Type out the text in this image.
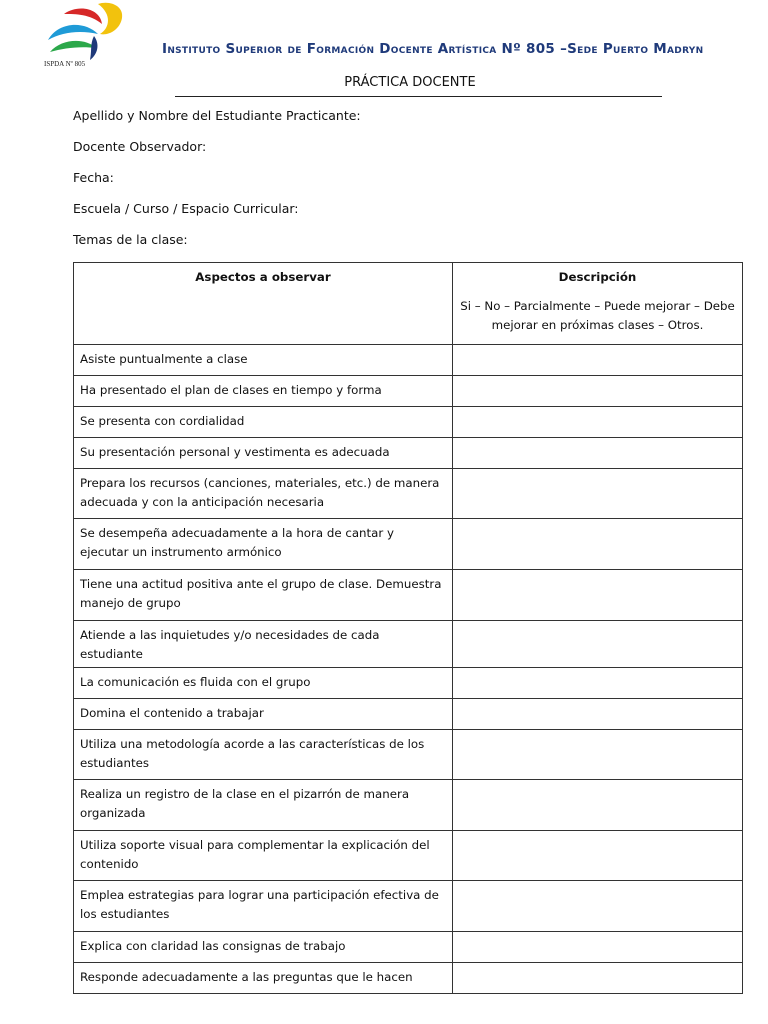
ISPDA Nº 805
Instituto Superior de Formación Docente Artística Nº 805 –Sede Puerto Madryn
PRÁCTICA DOCENTE
Apellido y Nombre del Estudiante Practicante:
Docente Observador:
Fecha:
Escuela / Curso / Espacio Curricular:
Temas de la clase:
Aspectos a observar	Descripción
Si – No – Parcialmente – Puede mejorar – Debe mejorar en próximas clases – Otros.

Asiste puntualmente a clase	
Ha presentado el plan de clases en tiempo y forma	
Se presenta con cordialidad	
Su presentación personal y vestimenta es adecuada	
Prepara los recursos (canciones, materiales, etc.) de manera adecuada y con la anticipación necesaria	
Se desempeña adecuadamente a la hora de cantar y ejecutar un instrumento armónico	
Tiene una actitud positiva ante el grupo de clase. Demuestra manejo de grupo	
Atiende a las inquietudes y/o necesidades de cada estudiante	
La comunicación es fluida con el grupo	
Domina el contenido a trabajar	
Utiliza una metodología acorde a las características de los estudiantes	
Realiza un registro de la clase en el pizarrón de manera organizada	
Utiliza soporte visual para complementar la explicación del contenido	
Emplea estrategias para lograr una participación efectiva de los estudiantes	
Explica con claridad las consignas de trabajo	
Responde adecuadamente a las preguntas que le hacen	
